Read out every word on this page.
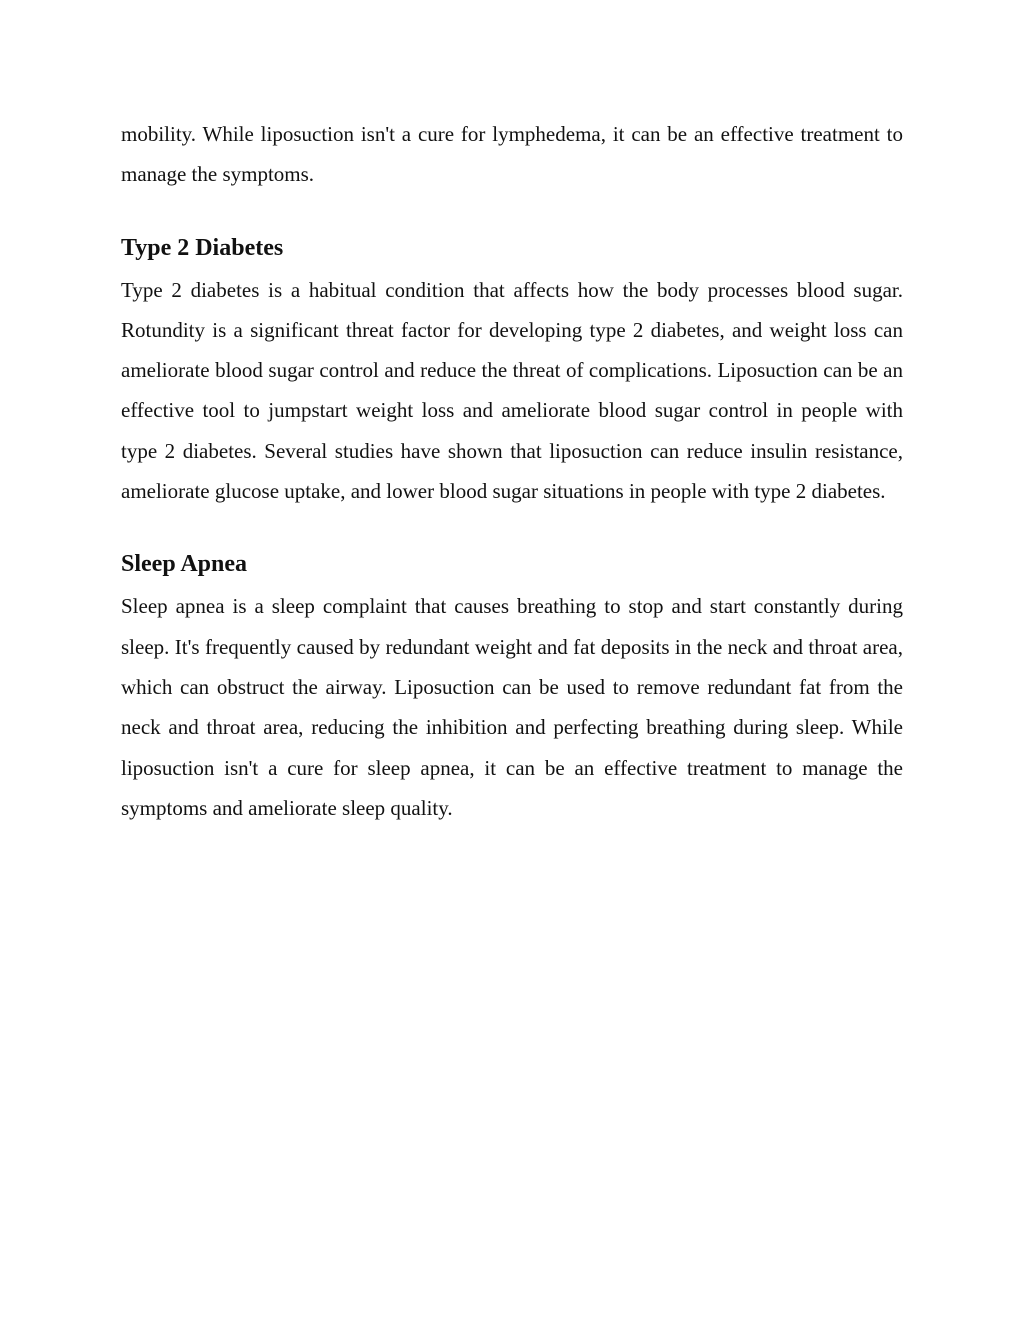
mobility. While liposuction isn't a cure for lymphedema, it can be an effective treatment to manage the symptoms.

Type 2 Diabetes

Type 2 diabetes is a habitual condition that affects how the body processes blood sugar. Rotundity is a significant threat factor for developing type 2 diabetes, and weight loss can ameliorate blood sugar control and reduce the threat of complications. Liposuction can be an effective tool to jumpstart weight loss and ameliorate blood sugar control in people with type 2 diabetes. Several studies have shown that liposuction can reduce insulin resistance, ameliorate glucose uptake, and lower blood sugar situations in people with type 2 diabetes.

Sleep Apnea

Sleep apnea is a sleep complaint that causes breathing to stop and start constantly during sleep. It's frequently caused by redundant weight and fat deposits in the neck and throat area, which can obstruct the airway. Liposuction can be used to remove redundant fat from the neck and throat area, reducing the inhibition and perfecting breathing during sleep. While liposuction isn't a cure for sleep apnea, it can be an effective treatment to manage the symptoms and ameliorate sleep quality.
